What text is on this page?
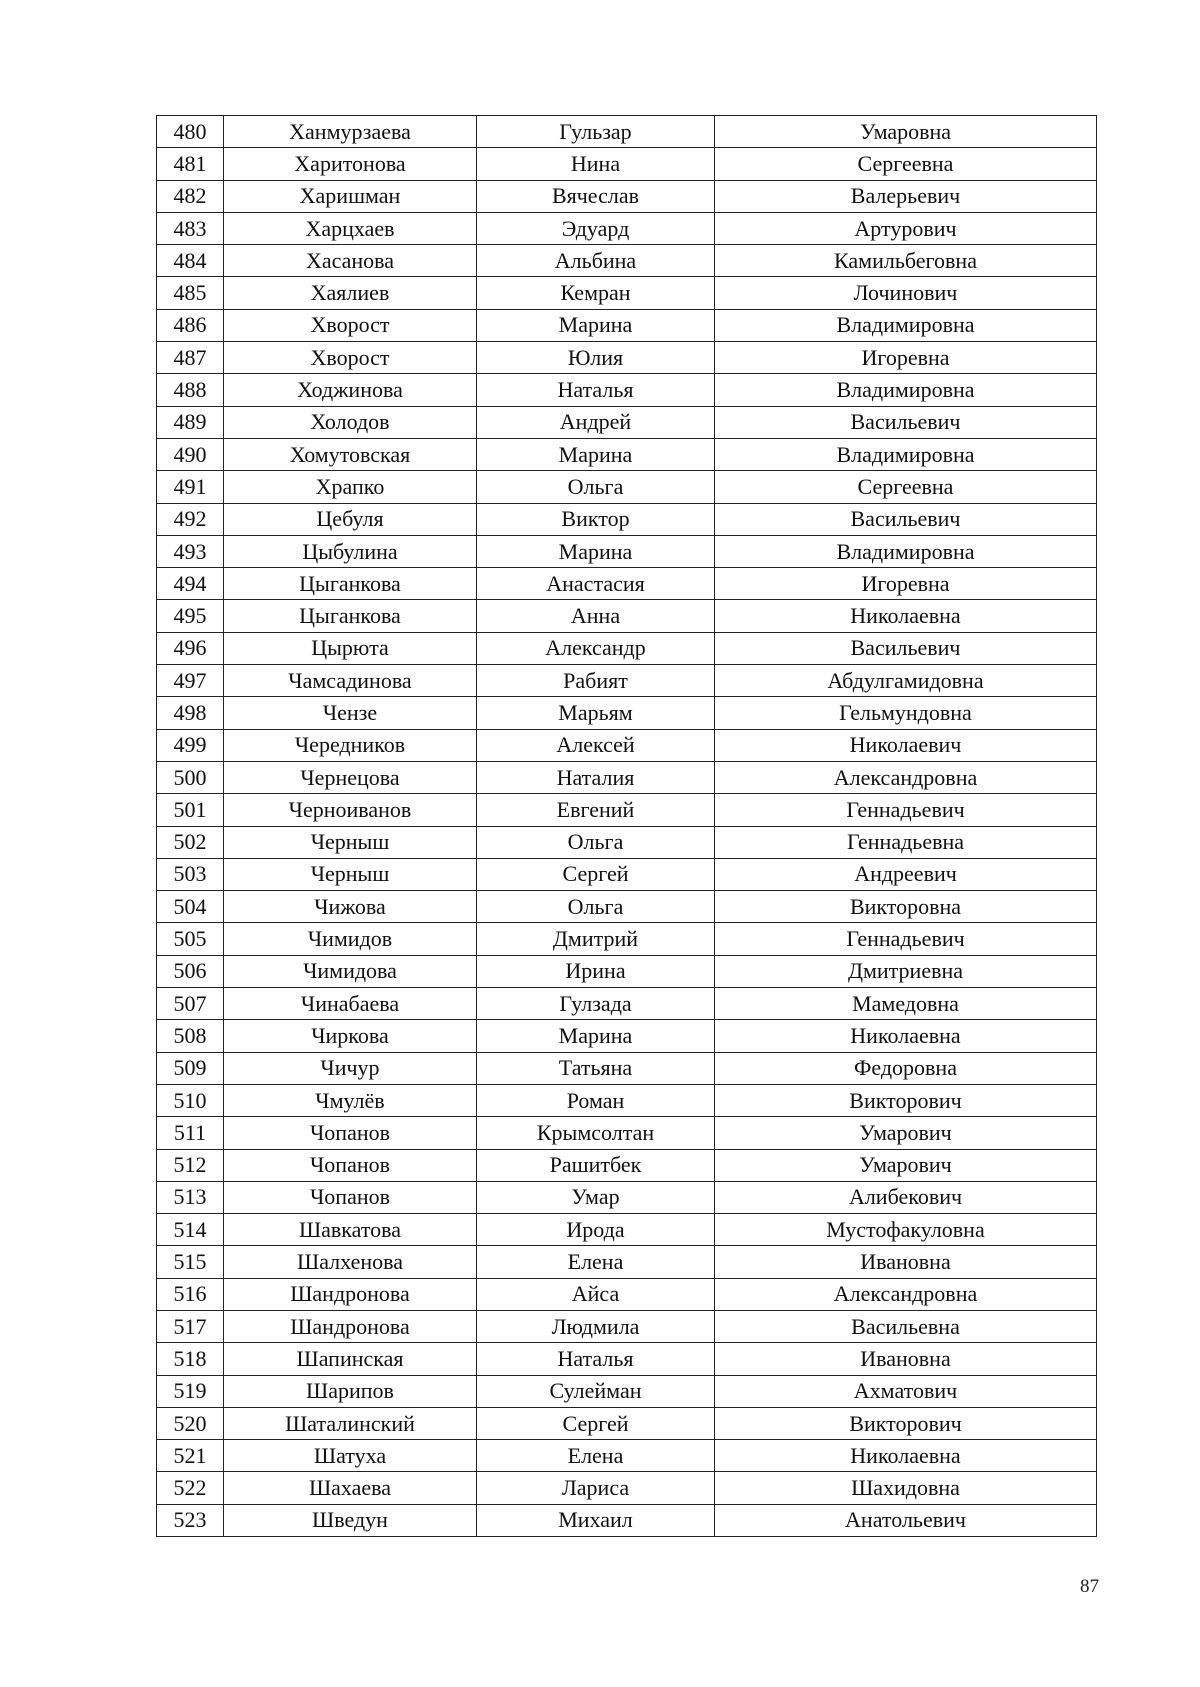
480	Ханмурзаева	Гульзар	Умаровна
481	Харитонова	Нина	Сергеевна
482	Харишман	Вячеслав	Валерьевич
483	Харцхаев	Эдуард	Артурович
484	Хасанова	Альбина	Камильбеговна
485	Хаялиев	Кемран	Лочинович
486	Хворост	Марина	Владимировна
487	Хворост	Юлия	Игоревна
488	Ходжинова	Наталья	Владимировна
489	Холодов	Андрей	Васильевич
490	Хомутовская	Марина	Владимировна
491	Храпко	Ольга	Сергеевна
492	Цебуля	Виктор	Васильевич
493	Цыбулина	Марина	Владимировна
494	Цыганкова	Анастасия	Игоревна
495	Цыганкова	Анна	Николаевна
496	Цырюта	Александр	Васильевич
497	Чамсадинова	Рабият	Абдулгамидовна
498	Чензе	Марьям	Гельмундовна
499	Чередников	Алексей	Николаевич
500	Чернецова	Наталия	Александровна
501	Черноиванов	Евгений	Геннадьевич
502	Черныш	Ольга	Геннадьевна
503	Черныш	Сергей	Андреевич
504	Чижова	Ольга	Викторовна
505	Чимидов	Дмитрий	Геннадьевич
506	Чимидова	Ирина	Дмитриевна
507	Чинабаева	Гулзада	Мамедовна
508	Чиркова	Марина	Николаевна
509	Чичур	Татьяна	Федоровна
510	Чмулёв	Роман	Викторович
511	Чопанов	Крымсолтан	Умарович
512	Чопанов	Рашитбек	Умарович
513	Чопанов	Умар	Алибекович
514	Шавкатова	Ирода	Мустофакуловна
515	Шалхенова	Елена	Ивановна
516	Шандронова	Айса	Александровна
517	Шандронова	Людмила	Васильевна
518	Шапинская	Наталья	Ивановна
519	Шарипов	Сулейман	Ахматович
520	Шаталинский	Сергей	Викторович
521	Шатуха	Елена	Николаевна
522	Шахаева	Лариса	Шахидовна
523	Шведун	Михаил	Анатольевич
87
